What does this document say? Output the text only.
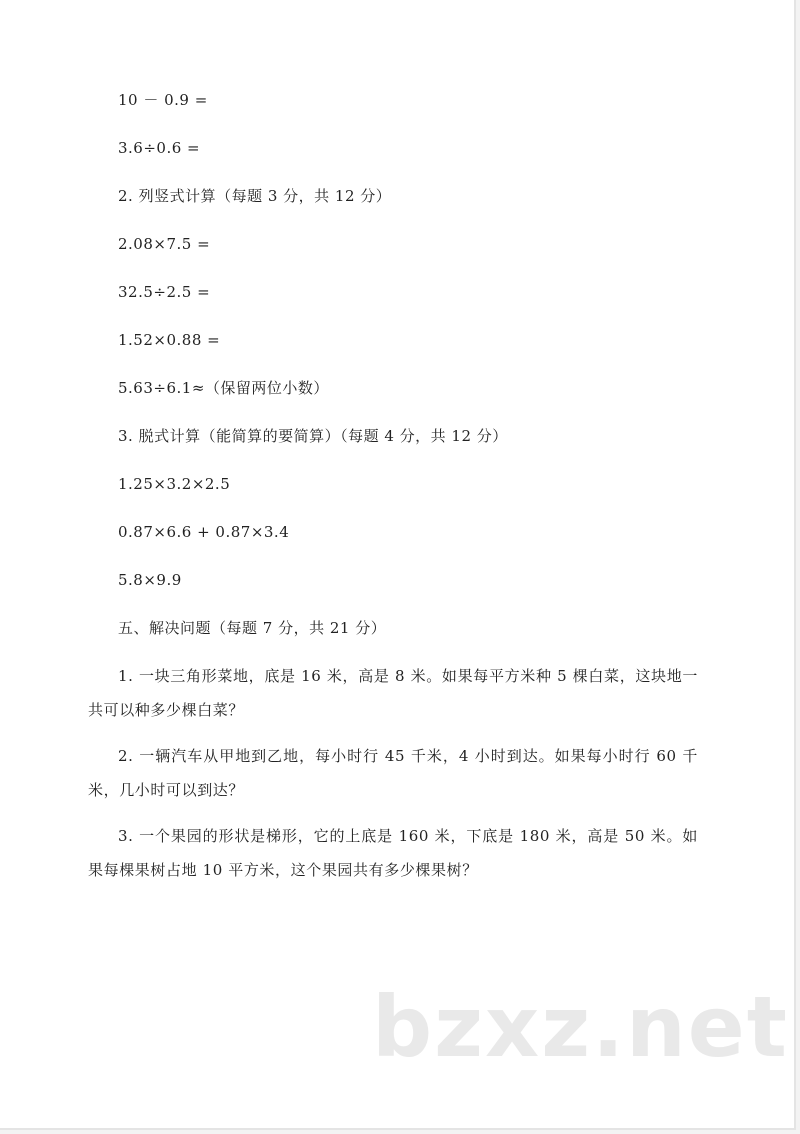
10 － 0.9 =
3.6÷0.6 =
2. 列竖式计算（每题 3 分，共 12 分）
2.08×7.5 =
32.5÷2.5 =
1.52×0.88 =
5.63÷6.1≈（保留两位小数）
3. 脱式计算（能简算的要简算）（每题 4 分，共 12 分）
1.25×3.2×2.5
0.87×6.6 + 0.87×3.4
5.8×9.9
五、解决问题（每题 7 分，共 21 分）
1. 一块三角形菜地，底是 16 米，高是 8 米。如果每平方米种 5 棵白菜，这块地一共可以种多少棵白菜？
2. 一辆汽车从甲地到乙地，每小时行 45 千米，4 小时到达。如果每小时行 60 千米，几小时可以到达？
3. 一个果园的形状是梯形，它的上底是 160 米，下底是 180 米，高是 50 米。如果每棵果树占地 10 平方米，这个果园共有多少棵果树？
bzxz.net
